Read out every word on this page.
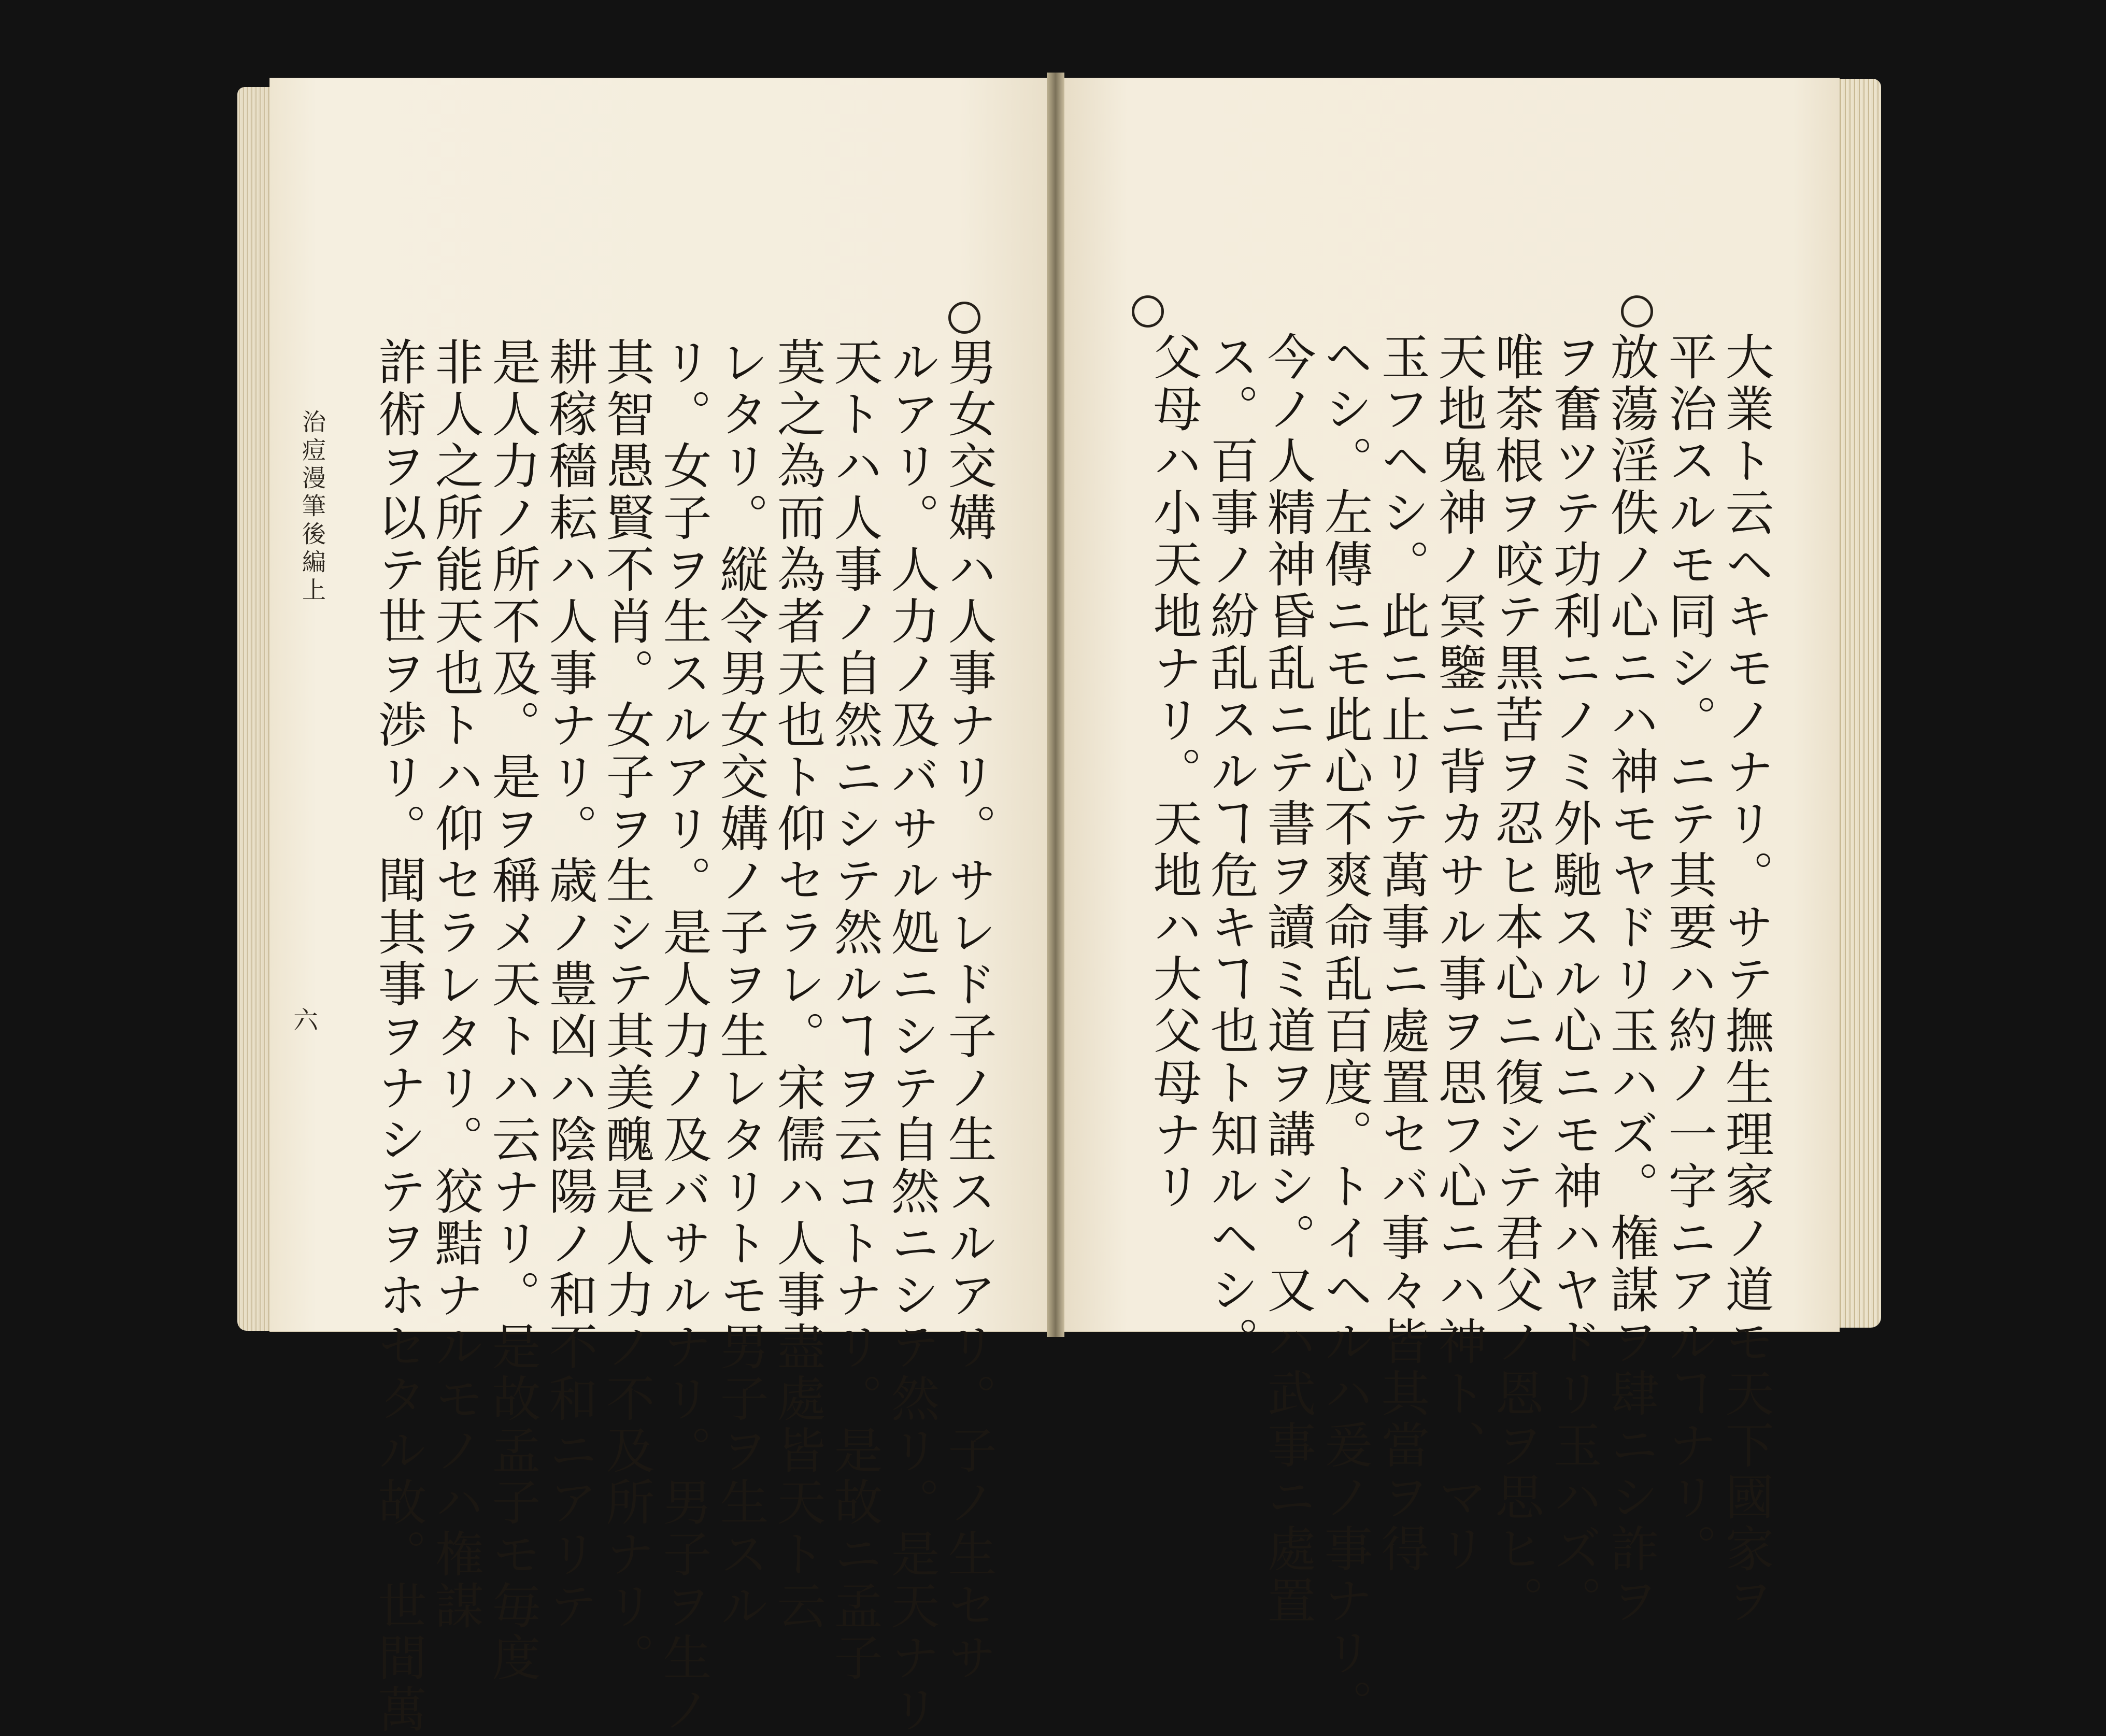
大業ト云ヘキモノナリ。サテ撫生理家ノ道モ天下國家ヲ
平治スルモ同シ。ニテ其要ハ約ノ一字ニアルヿナリ。
放蕩淫佚ノ心ニハ神モヤドリ玉ハズ。権謀ヲ肆ニシ詐ヲ
ヲ奮ツテ功利ニノミ外馳スル心ニモ神ハヤドリ玉ハズ。
唯茶根ヲ咬テ黒苦ヲ忍ヒ本心ニ復シテ君父ノ恩ヲ思ヒ。
天地鬼神ノ冥鑒ニ背カサル事ヲ思フ心ニハ神ト、マリ
玉フヘシ。此ニ止リテ萬事ニ處置セバ事々皆其當ヲ得
ヘシ。左傳ニモ此心不爽命乱百度。トイヘルハ爰ノ事ナリ。
今ノ人精神昏乱ニテ書ヲ讀ミ道ヲ講シ。又ハ武事ニ處置
ス。百事ノ紛乱スルヿ危キヿ也ト知ルヘシ。
父母ハ小天地ナリ。天地ハ大父母ナリ
男女交媾ハ人事ナリ。サレド子ノ生スルアリ。子ノ生セサ
ルアリ。人力ノ及バサル処ニシテ自然ニシテ然リ。是天ナリ
天トハ人事ノ自然ニシテ然ルヿヲ云コトナリ。是故ニ孟子
莫之為而為者天也ト仰セラレ。宋儒ハ人事盡處皆天ト云
レタリ。縦令男女交媾ノ子ヲ生レタリトモ男子ヲ生スル
リ。女子ヲ生スルアリ。是人力ノ及バサルナリ。男子ヲ生ノ
其智愚賢不肖。女子ヲ生シテ其美醜是人力ノ不及所ナリ。
耕稼穡耘ハ人事ナリ。歳ノ豊凶ハ陰陽ノ和不和ニアリテ
是人力ノ所不及。是ヲ稱メ天トハ云ナリ。是故孟子モ毎度
非人之所能天也トハ仰セラレタリ。狡黠ナルモノハ権謀
詐術ヲ以テ世ヲ渉リ。聞其事ヲナシテヲホセタル故。世間萬
治痘漫筆後編上
六
